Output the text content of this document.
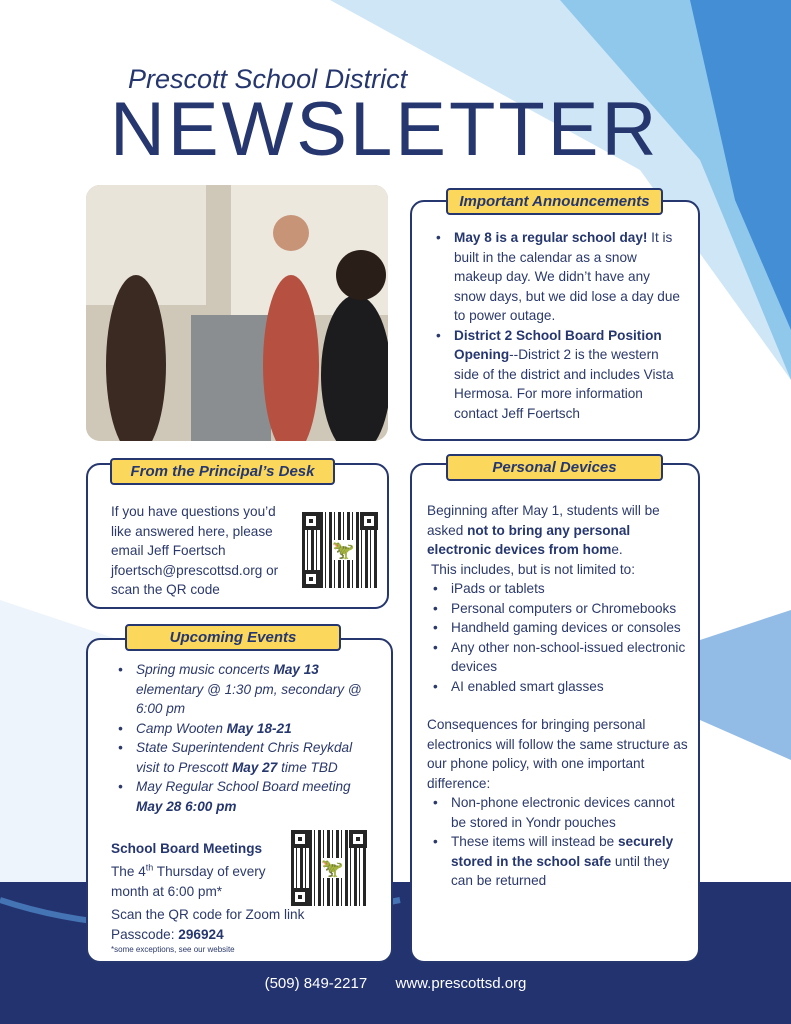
Prescott School District
NEWSLETTER
• May 8 is a regular school day! It is built in the calendar as a snow makeup day. We didn’t have any snow days, but we did lose a day due to power outage.
• District 2 School Board Position Opening--District 2 is the western side of the district and includes Vista Hermosa. For more information contact Jeff Foertsch
Important Announcements

If you have questions you’d like answered here, please email Jeff Foertsch jfoertsch@prescottsd.org or scan the QR code

🦖
From the Principal’s Desk
• Spring music concerts May 13 elementary @ 1:30 pm, secondary @ 6:00 pm
• Camp Wooten May 18-21
• State Superintendent Chris Reykdal visit to Prescott May 27 time TBD
• May Regular School Board meeting May 28 6:00 pm
School Board Meetings
The 4th Thursday of every month at 6:00 pm*
Scan the QR code for Zoom link
Passcode: 296924
*some exceptions, see our website
🦖
Upcoming Events

Beginning after May 1, students will be asked not to bring any personal electronic devices from home.

This includes, but is not limited to:

• iPads or tablets
• Personal computers or Chromebooks
• Handheld gaming devices or consoles
• Any other non-school-issued electronic devices
• AI enabled smart glasses

Consequences for bringing personal electronics will follow the same structure as our phone policy, with one important difference:

• Non-phone electronic devices cannot be stored in Yondr pouches
• These items will instead be securely stored in the school safe until they can be returned
Personal Devices
(509) 849-2217 www.prescottsd.org
